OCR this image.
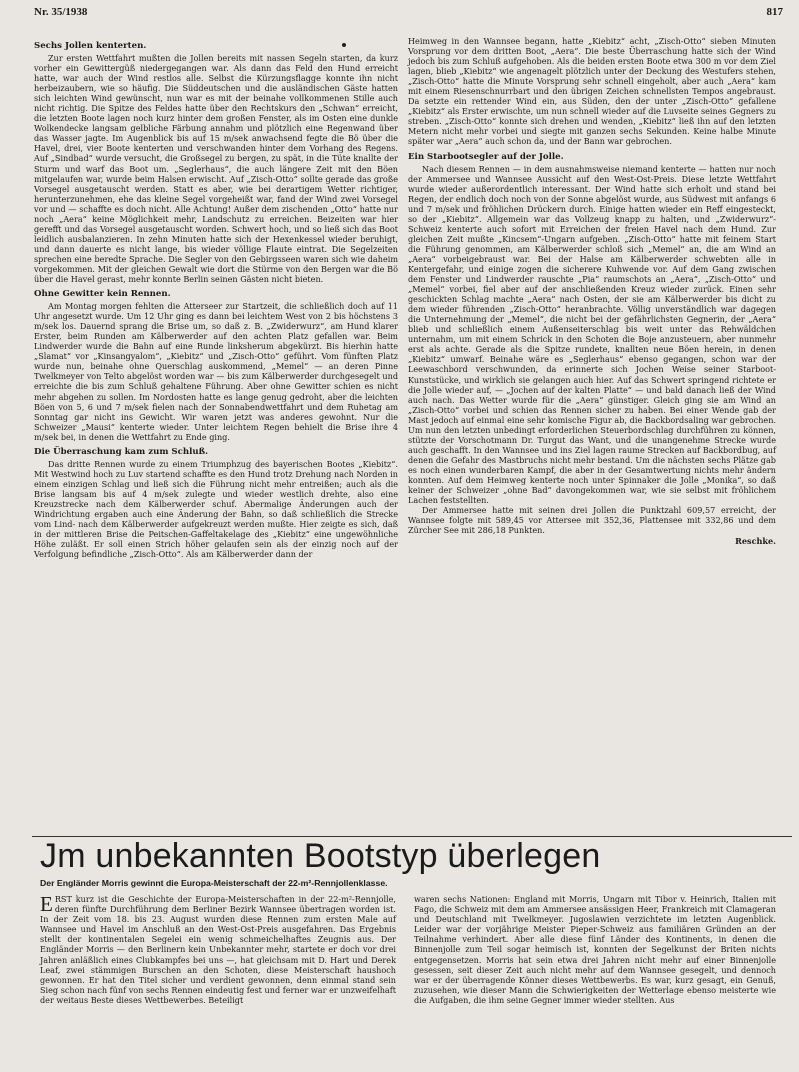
Nr. 35/1938	817
Sechs Jollen kenterten.

Zur ersten Wettfahrt mußten die Jollen bereits mit nassen Segeln starten, da kurz vorher ein Gewittergüß niedergegangen war. Als dann das Feld den Hund erreicht hatte, war auch der Wind restlos alle. Selbst die Kürzungsflagge konnte ihn nicht herbeizaubern, wie so häufig. Die Süddeutschen und die ausländischen Gäste hatten sich leichten Wind gewünscht, nun war es mit der beinahe vollkommenen Stille auch nicht richtig. Die Spitze des Feldes hatte über den Rechtskurs den „Schwan“ erreicht, die letzten Boote lagen noch kurz hinter dem großen Fenster, als im Osten eine dunkle Wolkendecke langsam gelbliche Färbung annahm und plötzlich eine Regenwand über das Wasser jagte. Im Augenblick bis auf 15 m/sek anwachsend fegte die Bö über die Havel, drei, vier Boote kenterten und verschwanden hinter dem Vorhang des Regens. Auf „Sindbad“ wurde versucht, die Großsegel zu bergen, zu spät, in die Tüte knallte der Sturm und warf das Boot um. „Seglerhaus“, die auch längere Zeit mit den Böen mitgelaufen war, wurde beim Halsen erwischt. Auf „Zisch-Otto“ sollte gerade das große Vorsegel ausgetauscht werden. Statt es aber, wie bei derartigem Wetter richtiger, herunterzunehmen, ehe das kleine Segel vorgeheißt war, fand der Wind zwei Vorsegel vor und — schaffte es doch nicht. Alle Achtung! Außer dem zischenden „Otto“ hatte nur noch „Aera“ keine Möglichkeit mehr, Landschutz zu erreichen. Beizeiten war hier gerefft und das Vorsegel ausgetauscht worden. Schwert hoch, und so ließ sich das Boot leidlich ausbalanzieren. In zehn Minuten hatte sich der Hexenkessel wieder beruhigt, und dann dauerte es nicht lange, bis wieder völlige Flaute eintrat. Die Segelzeiten sprechen eine beredte Sprache. Die Segler von den Gebirgsseen waren sich wie daheim vorgekommen. Mit der gleichen Gewalt wie dort die Stürme von den Bergen war die Bö über die Havel gerast, mehr konnte Berlin seinen Gästen nicht bieten.

Ohne Gewitter kein Rennen.

Am Montag morgen fehlten die Atterseer zur Startzeit, die schließlich doch auf 11 Uhr angesetzt wurde. Um 12 Uhr ging es dann bei leichtem West von 2 bis höchstens 3 m/sek los. Dauernd sprang die Brise um, so daß z. B. „Zwiderwurz“, am Hund klarer Erster, beim Runden am Kälberwerder auf den achten Platz gefallen war. Beim Lindwerder wurde die Bahn auf eine Runde linksherum abgekürzt. Bis hierhin hatte „Slamat“ vor „Kinsangyalom“, „Kiebitz“ und „Zisch-Otto“ geführt. Vom fünften Platz wurde nun, beinahe ohne Querschlag auskommend, „Memel“ — an deren Pinne Twelkmeyer von Telto abgelöst worden war — bis zum Kälberwerder durchgesegelt und erreichte die bis zum Schluß gehaltene Führung. Aber ohne Gewitter schien es nicht mehr abgehen zu sollen. Im Nordosten hatte es lange genug gedroht, aber die leichten Böen von 5, 6 und 7 m/sek fielen nach der Sonnabendwettfahrt und dem Ruhetag am Sonntag gar nicht ins Gewicht. Wir waren jetzt was anderes gewohnt. Nur die Schweizer „Mausi“ kenterte wieder. Unter leichtem Regen behielt die Brise ihre 4 m/sek bei, in denen die Wettfahrt zu Ende ging.

Die Überraschung kam zum Schluß.

Das dritte Rennen wurde zu einem Triumphzug des bayerischen Bootes „Kiebitz“. Mit Westwind hoch zu Luv startend schaffte es den Hund trotz Drehung nach Norden in einem einzigen Schlag und ließ sich die Führung nicht mehr entreißen; auch als die Brise langsam bis auf 4 m/sek zulegte und wieder westlich drehte, also eine Kreuzstrecke nach dem Kälberwerder schuf. Abermalige Änderungen auch der Windrichtung ergaben auch eine Änderung der Bahn, so daß schließlich die Strecke vom Lind- nach dem Kälberwerder aufgekreuzt werden mußte. Hier zeigte es sich, daß in der mittleren Brise die Peitschen-Gaffeltakelage des „Kiebitz“ eine ungewöhnliche Höhe zuläßt. Er soll einen Strich höher gelaufen sein als der einzig noch auf der Verfolgung befindliche „Zisch-Otto“. Als am Kälberwerder dann der

Heimweg in den Wannsee begann, hatte „Kiebitz“ acht, „Zisch-Otto“ sieben Minuten Vorsprung vor dem dritten Boot, „Aera“. Die beste Überraschung hatte sich der Wind jedoch bis zum Schluß aufgehoben. Als die beiden ersten Boote etwa 300 m vor dem Ziel lagen, blieb „Kiebitz“ wie angenagelt plötzlich unter der Deckung des Westufers stehen, „Zisch-Otto“ hatte die Minute Vorsprung sehr schnell eingeholt, aber auch „Aera“ kam mit einem Riesenschnurrbart und den übrigen Zeichen schnellsten Tempos angebraust. Da setzte ein rettender Wind ein, aus Süden, den der unter „Zisch-Otto“ gefallene „Kiebitz“ als Erster erwischte, um nun schnell wieder auf die Luvseite seines Gegners zu streben. „Zisch-Otto“ konnte sich drehen und wenden, „Kiebitz“ ließ ihn auf den letzten Metern nicht mehr vorbei und siegte mit ganzen sechs Sekunden. Keine halbe Minute später war „Aera“ auch schon da, und der Bann war gebrochen.

Ein Starbootsegler auf der Jolle.

Nach diesem Rennen — in dem ausnahmsweise niemand kenterte — hatten nur noch der Ammersee und Wannsee Aussicht auf den West-Ost-Preis. Diese letzte Wettfahrt wurde wieder außerordentlich interessant. Der Wind hatte sich erholt und stand bei Regen, der endlich doch noch von der Sonne abgelöst wurde, aus Südwest mit anfangs 6 und 7 m/sek und fröhlichen Drückern durch. Einige hatten wieder ein Reff eingesteckt, so der „Kiebitz“. Allgemein war das Vollzeug knapp zu halten, und „Zwiderwurz“-Schweiz kenterte auch sofort mit Erreichen der freien Havel nach dem Hund. Zur gleichen Zeit mußte „Kincsem“-Ungarn aufgeben. „Zisch-Otto“ hatte mit feinem Start die Führung genommen, am Kälberwerder schloß sich „Memel“ an, die am Wind an „Aera“ vorbeigebraust war. Bei der Halse am Kälberwerder schwebten alle in Kentergefahr, und einige zogen die sicherere Kuhwende vor. Auf dem Gang zwischen dem Fenster und Lindwerder rauschte „Pia“ raumschots an „Aera“, „Zisch-Otto“ und „Memel“ vorbei, fiel aber auf der anschließenden Kreuz wieder zurück. Einen sehr geschickten Schlag machte „Aera“ nach Osten, der sie am Kälberwerder bis dicht zu dem wieder führenden „Zisch-Otto“ heranbrachte. Völlig unverständlich war dagegen die Unternehmung der „Memel“, die nicht bei der gefährlichsten Gegnerin, der „Aera“ blieb und schließlich einem Außenseiterschlag bis weit unter das Rehwäldchen unternahm, um mit einem Schrick in den Schoten die Boje anzusteuern, aber nunmehr erst als achte. Gerade als die Spitze rundete, knallten neue Böen herein, in denen „Kiebitz“ umwarf. Beinahe wäre es „Seglerhaus“ ebenso gegangen, schon war der Leewaschbord verschwunden, da erinnerte sich Jochen Weise seiner Starboot-Kunststücke, und wirklich sie gelangen auch hier. Auf das Schwert springend richtete er die Jolle wieder auf, — „Jochen auf der kalten Platte“ — und bald danach ließ der Wind auch nach. Das Wetter wurde für die „Aera“ günstiger. Gleich ging sie am Wind an „Zisch-Otto“ vorbei und schien das Rennen sicher zu haben. Bei einer Wende gab der Mast jedoch auf einmal eine sehr komische Figur ab, die Backbordsaling war gebrochen. Um nun den letzten unbedingt erforderlichen Steuerbordschlag durchführen zu können, stützte der Vorschotmann Dr. Turgut das Want, und die unangenehme Strecke wurde auch geschafft. In den Wannsee und ins Ziel lagen raume Strecken auf Backbordbug, auf denen die Gefahr des Mastbruchs nicht mehr bestand. Um die nächsten sechs Plätze gab es noch einen wunderbaren Kampf, die aber in der Gesamtwertung nichts mehr ändern konnten. Auf dem Heimweg kenterte noch unter Spinnaker die Jolle „Monika“, so daß keiner der Schweizer „ohne Bad“ davongekommen war, wie sie selbst mit fröhlichem Lachen feststellten.

Der Ammersee hatte mit seinen drei Jollen die Punktzahl 609,57 erreicht, der Wannsee folgte mit 589,45 vor Attersee mit 352,36, Plattensee mit 332,86 und dem Zürcher See mit 286,18 Punkten.

Reschke.
Jm unbekannten Bootstyp überlegen
Der Engländer Morris gewinnt die Europa-Meisterschaft der 22-m²-Rennjollenklasse.
E RST kurz ist die Geschichte der Europa-Meisterschaften in der 22-m²-Rennjolle, deren fünfte Durchführung dem Berliner Bezirk Wannsee übertragen worden ist. In der Zeit vom 18. bis 23. August wurden diese Rennen zum ersten Male auf Wannsee und Havel im Anschluß an den West-Ost-Preis ausgefahren. Das Ergebnis stellt der kontinentalen Segelei ein wenig schmeichelhaftes Zeugnis aus. Der Engländer Morris — den Berlinern kein Unbekannter mehr, startete er doch vor drei Jahren anläßlich eines Clubkampfes bei uns —, hat gleichsam mit D. Hart und Derek Leaf, zwei stämmigen Burschen an den Schoten, diese Meisterschaft haushoch gewonnen. Er hat den Titel sicher und verdient gewonnen, denn einmal stand sein Sieg schon nach fünf von sechs Rennen eindeutig fest und ferner war er unzweifelhaft der weitaus Beste dieses Wettbewerbes. Beteiligt
waren sechs Nationen: England mit Morris, Ungarn mit Tibor v. Heinrich, Italien mit Fago, die Schweiz mit dem am Ammersee ansässigen Heer, Frankreich mit Clamageran und Deutschland mit Twelkmeyer. Jugoslawien verzichtete im letzten Augenblick. Leider war der vorjährige Meister Pieper-Schweiz aus familiären Gründen an der Teilnahme verhindert. Aber alle diese fünf Länder des Kontinents, in denen die Binnenjolle zum Teil sogar heimisch ist, konnten der Segelkunst der Briten nichts entgegensetzen. Morris hat sein etwa drei Jahren nicht mehr auf einer Binnenjolle gesessen, seit dieser Zeit auch nicht mehr auf dem Wannsee gesegelt, und dennoch war er der überragende Könner dieses Wettbewerbs. Es war, kurz gesagt, ein Genuß, zuzusehen, wie dieser Mann die Schwierigkeiten der Wetterlage ebenso meisterte wie die Aufgaben, die ihm seine Gegner immer wieder stellten. Aus
